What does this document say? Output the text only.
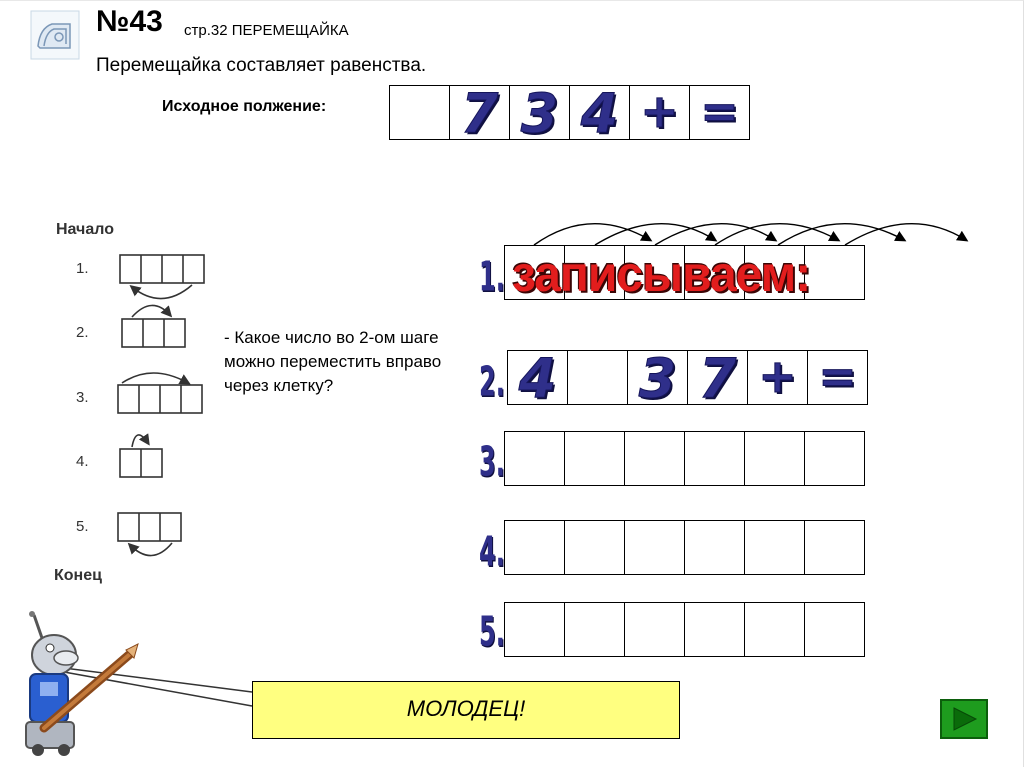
№43 стр.32 ПЕРЕМЕЩАЙКА
Перемещайка составляет равенства.
Исходное полжение: 7 3 4 + =
1.
2. 4 3 7 + =
3.
4.
5.
записываем:
Начало
1.
2.
3.
4.
5.
Конец
- Какое число во 2-ом шаге можно переместить вправо через клетку?
МОЛОДЕЦ!
